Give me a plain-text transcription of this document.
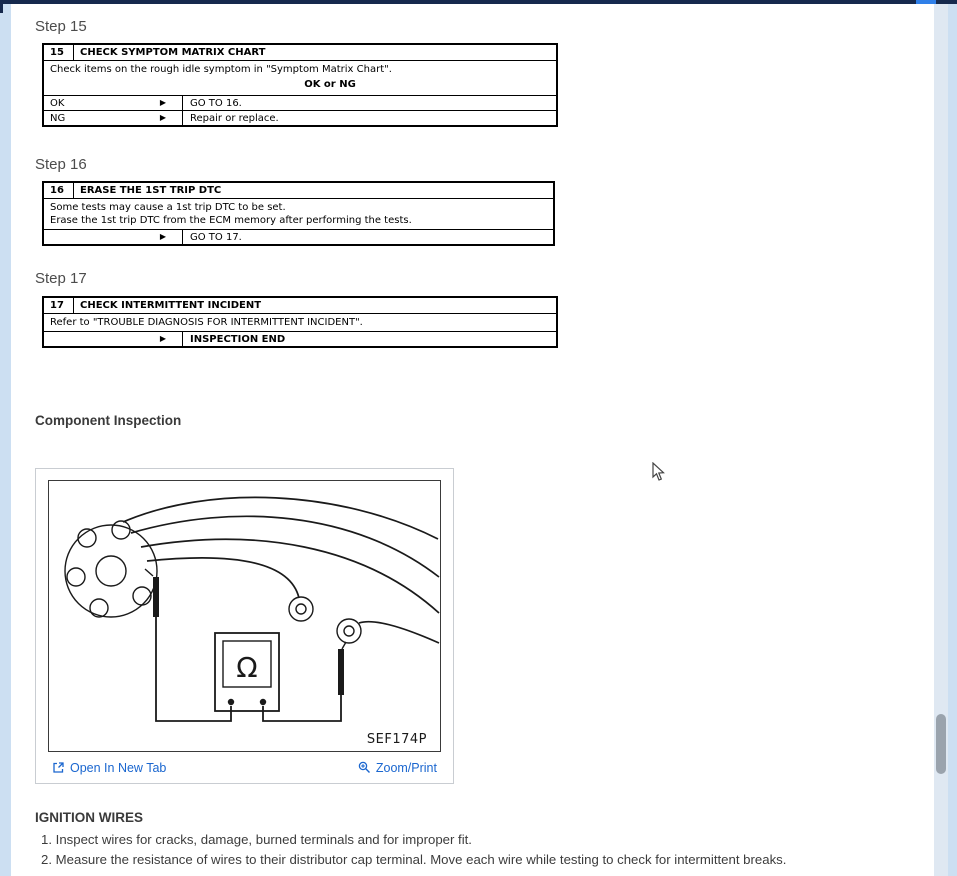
Step 15
15	CHECK SYMPTOM MATRIX CHART
Check items on the rough idle symptom in "Symptom Matrix Chart".
OK or NG
OK	▶	GO TO 16.
NG	▶	Repair or replace.
Step 16
16	ERASE THE 1ST TRIP DTC
Some tests may cause a 1st trip DTC to be set.
Erase the 1st trip DTC from the ECM memory after performing the tests.
▶	GO TO 17.
Step 17
17	CHECK INTERMITTENT INCIDENT
Refer to "TROUBLE DIAGNOSIS FOR INTERMITTENT INCIDENT".
▶	INSPECTION END
Component Inspection
Ω
SEF174P
Open In New Tab	Zoom/Print
IGNITION WIRES
1. Inspect wires for cracks, damage, burned terminals and for improper fit.
2. Measure the resistance of wires to their distributor cap terminal. Move each wire while testing to check for intermittent breaks.
